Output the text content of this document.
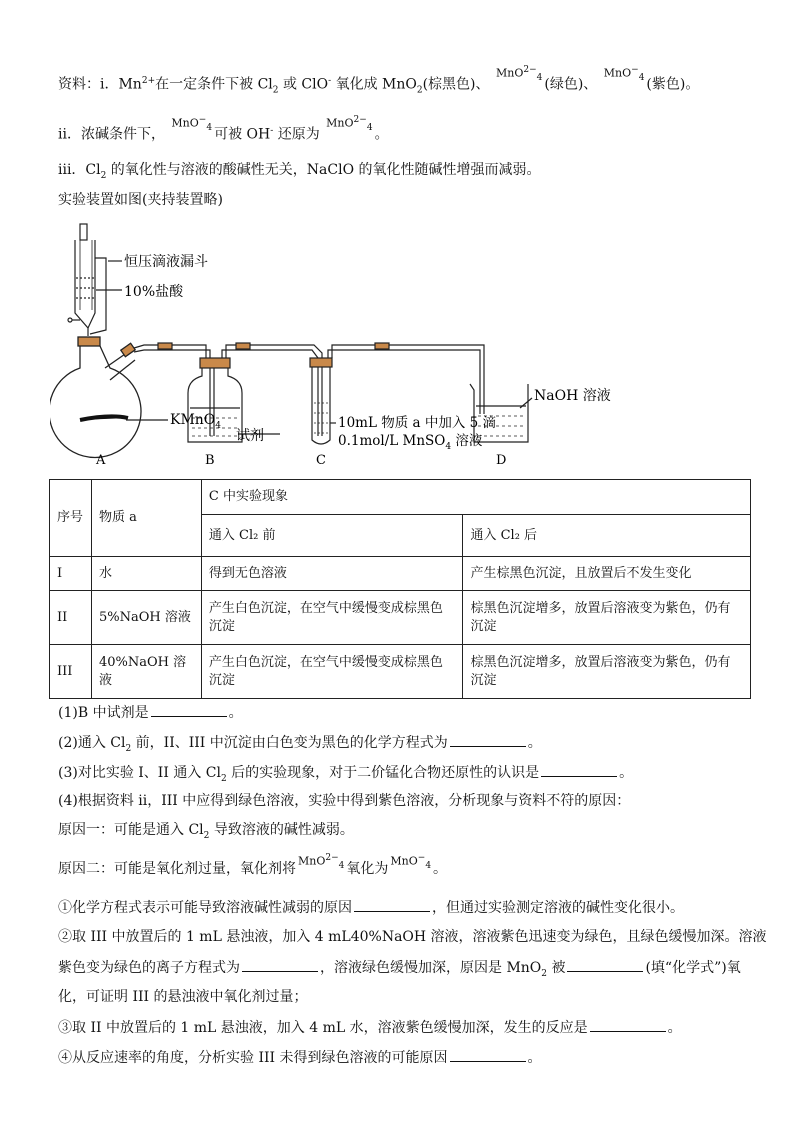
资料：i．$Mn^{2+}$在一定条件下被 $Cl_2$ 或 ClO- 氧化成 MnO$_2$(棕黑色)、
MnO$^{2-}_4$ (绿色)、
MnO−$_4$ (紫色)。
ii．浓碱条件下，
MnO−$_4$ 可被 OH- 还原为
MnO$^{2-}_4$ 。
iii．$Cl_2$ 的氧化性与溶液的酸碱性无关，NaClO 的氧化性随碱性增强而减弱。
实验装置如图(夹持装置略)
恒压滴液漏斗
10%盐酸
KMnO$_4$
试剂
10mL 物质 a 中加入 5 滴
0.1mol/L MnSO$_4$ 溶液
NaOH 溶液
A	B	C	D
序号	物质 a	C 中实验现象	
		通入 Cl₂ 前	通入 Cl₂ 后
I	水	得到无色溶液	产生棕黑色沉淀，且放置后不发生变化
II	5%NaOH 溶液	产生白色沉淀，在空气中缓慢变成棕黑色沉淀	棕黑色沉淀增多，放置后溶液变为紫色，仍有沉淀
III	40%NaOH 溶液	产生白色沉淀，在空气中缓慢变成棕黑色沉淀	棕黑色沉淀增多，放置后溶液变为紫色，仍有沉淀
(1)B 中试剂是	。
(2)通入 $Cl_2$ 前，II、III 中沉淀由白色变为黑色的化学方程式为	。
(3)对比实验 I、II 通入 $Cl_2$ 后的实验现象，对于二价锰化合物还原性的认识是	。
(4)根据资料 ii，III 中应得到绿色溶液，实验中得到紫色溶液，分析现象与资料不符的原因：
原因一：可能是通入 $Cl_2$ 导致溶液的碱性减弱。
原因二：可能是氧化剂过量，氧化剂将 MnO$^{2-}_4$ 氧化为 MnO−$_4$ 。
①化学方程式表示可能导致溶液碱性减弱的原因	，但通过实验测定溶液的碱性变化很小。
②取 III 中放置后的 1 mL 悬浊液，加入 4 mL40%NaOH 溶液，溶液紫色迅速变为绿色，且绿色缓慢加深。溶液
紫色变为绿色的离子方程式为	，溶液绿色缓慢加深，原因是 MnO$_2$ 被	(填“化学式”)氧
化，可证明 III 的悬浊液中氧化剂过量；
③取 II 中放置后的 1 mL 悬浊液，加入 4 mL 水，溶液紫色缓慢加深，发生的反应是	。
④从反应速率的角度，分析实验 III 未得到绿色溶液的可能原因	。
